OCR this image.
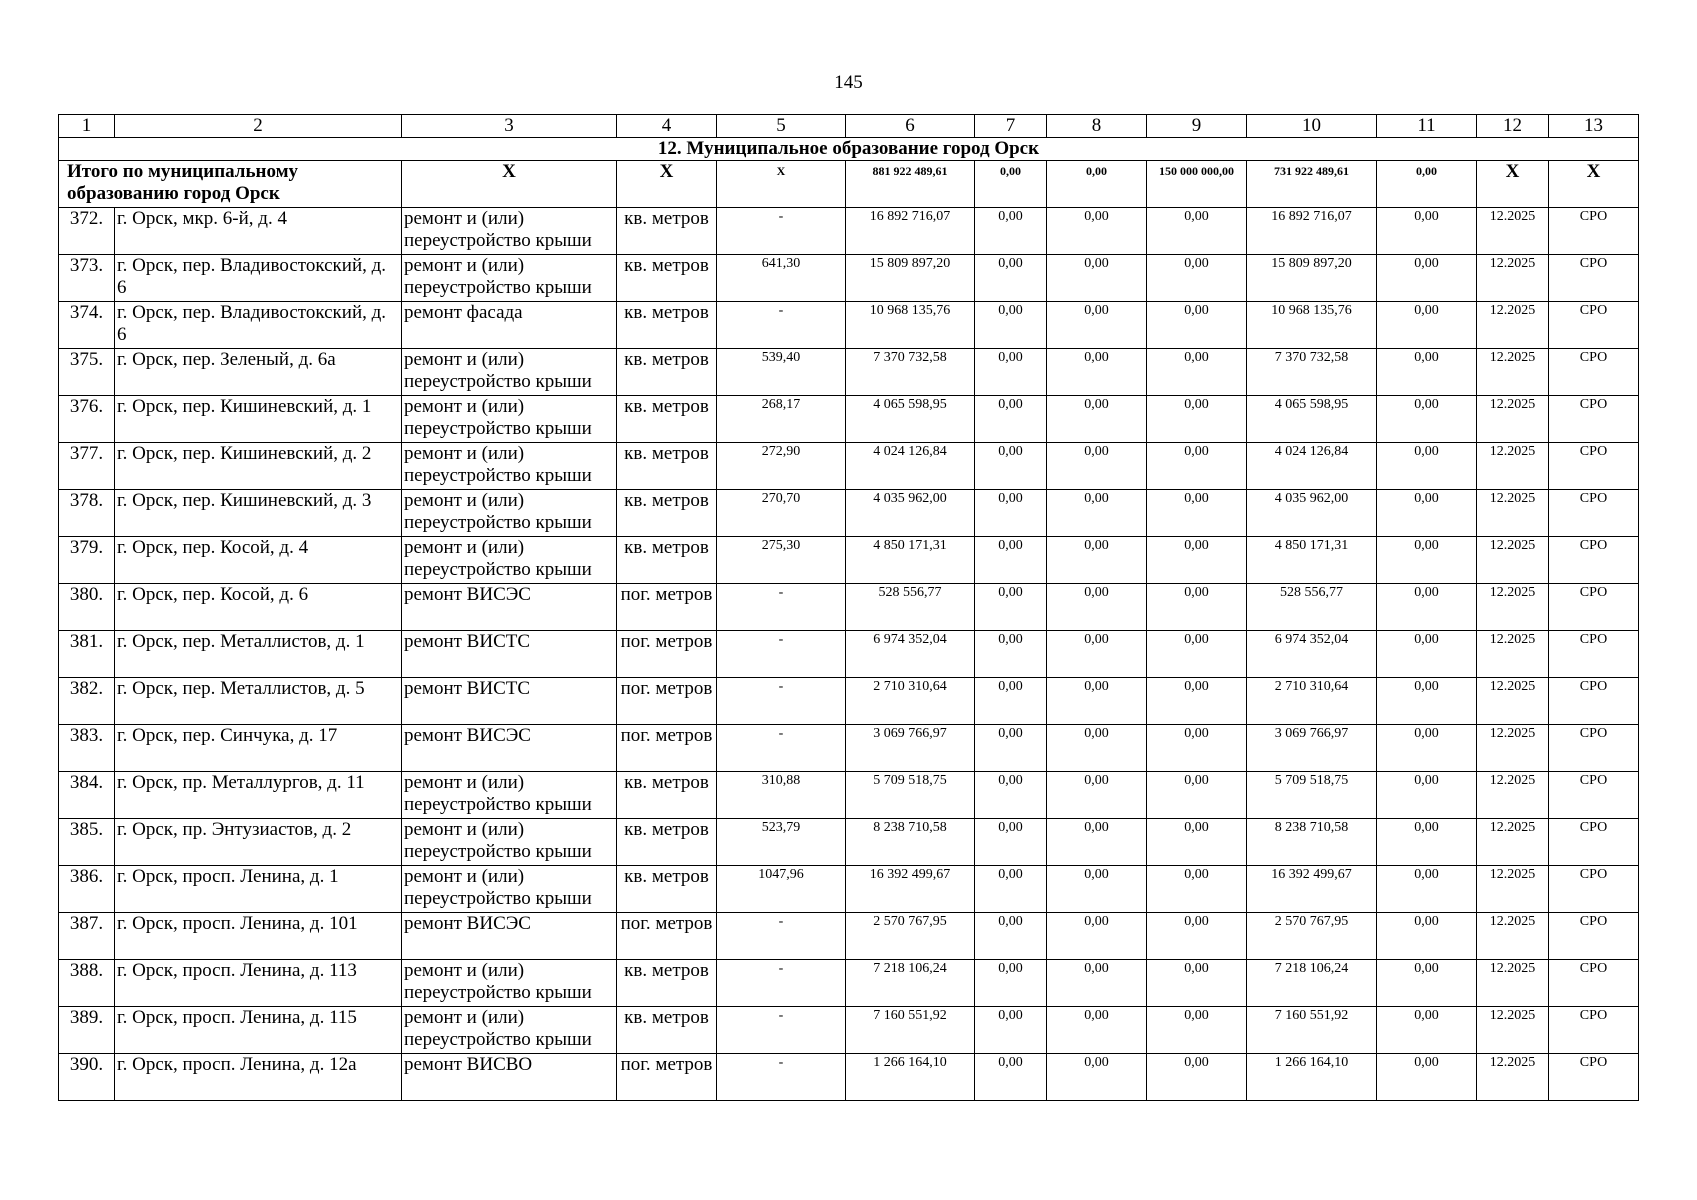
145
1	2	3	4	5	6	7	8	9	10	11	12	13
12. Муниципальное образование город Орск												
Итого по муниципальному образованию город Орск		X	X	X	881 922 489,61	0,00	0,00	150 000 000,00	731 922 489,61	0,00	X	X
372.	г. Орск, мкр. 6-й, д. 4	ремонт и (или) переустройство крыши	кв. метров	-	16 892 716,07	0,00	0,00	0,00	16 892 716,07	0,00	12.2025	СРО
373.	г. Орск, пер. Владивостокский, д. 6	ремонт и (или) переустройство крыши	кв. метров	641,30	15 809 897,20	0,00	0,00	0,00	15 809 897,20	0,00	12.2025	СРО
374.	г. Орск, пер. Владивостокский, д. 6	ремонт фасада	кв. метров	-	10 968 135,76	0,00	0,00	0,00	10 968 135,76	0,00	12.2025	СРО
375.	г. Орск, пер. Зеленый, д. 6а	ремонт и (или) переустройство крыши	кв. метров	539,40	7 370 732,58	0,00	0,00	0,00	7 370 732,58	0,00	12.2025	СРО
376.	г. Орск, пер. Кишиневский, д. 1	ремонт и (или) переустройство крыши	кв. метров	268,17	4 065 598,95	0,00	0,00	0,00	4 065 598,95	0,00	12.2025	СРО
377.	г. Орск, пер. Кишиневский, д. 2	ремонт и (или) переустройство крыши	кв. метров	272,90	4 024 126,84	0,00	0,00	0,00	4 024 126,84	0,00	12.2025	СРО
378.	г. Орск, пер. Кишиневский, д. 3	ремонт и (или) переустройство крыши	кв. метров	270,70	4 035 962,00	0,00	0,00	0,00	4 035 962,00	0,00	12.2025	СРО
379.	г. Орск, пер. Косой, д. 4	ремонт и (или) переустройство крыши	кв. метров	275,30	4 850 171,31	0,00	0,00	0,00	4 850 171,31	0,00	12.2025	СРО
380.	г. Орск, пер. Косой, д. 6	ремонт ВИСЭС	пог. метров	-	528 556,77	0,00	0,00	0,00	528 556,77	0,00	12.2025	СРО
381.	г. Орск, пер. Металлистов, д. 1	ремонт ВИСТС	пог. метров	-	6 974 352,04	0,00	0,00	0,00	6 974 352,04	0,00	12.2025	СРО
382.	г. Орск, пер. Металлистов, д. 5	ремонт ВИСТС	пог. метров	-	2 710 310,64	0,00	0,00	0,00	2 710 310,64	0,00	12.2025	СРО
383.	г. Орск, пер. Синчука, д. 17	ремонт ВИСЭС	пог. метров	-	3 069 766,97	0,00	0,00	0,00	3 069 766,97	0,00	12.2025	СРО
384.	г. Орск, пр. Металлургов, д. 11	ремонт и (или) переустройство крыши	кв. метров	310,88	5 709 518,75	0,00	0,00	0,00	5 709 518,75	0,00	12.2025	СРО
385.	г. Орск, пр. Энтузиастов, д. 2	ремонт и (или) переустройство крыши	кв. метров	523,79	8 238 710,58	0,00	0,00	0,00	8 238 710,58	0,00	12.2025	СРО
386.	г. Орск, просп. Ленина, д. 1	ремонт и (или) переустройство крыши	кв. метров	1047,96	16 392 499,67	0,00	0,00	0,00	16 392 499,67	0,00	12.2025	СРО
387.	г. Орск, просп. Ленина, д. 101	ремонт ВИСЭС	пог. метров	-	2 570 767,95	0,00	0,00	0,00	2 570 767,95	0,00	12.2025	СРО
388.	г. Орск, просп. Ленина, д. 113	ремонт и (или) переустройство крыши	кв. метров	-	7 218 106,24	0,00	0,00	0,00	7 218 106,24	0,00	12.2025	СРО
389.	г. Орск, просп. Ленина, д. 115	ремонт и (или) переустройство крыши	кв. метров	-	7 160 551,92	0,00	0,00	0,00	7 160 551,92	0,00	12.2025	СРО
390.	г. Орск, просп. Ленина, д. 12а	ремонт ВИСВО	пог. метров	-	1 266 164,10	0,00	0,00	0,00	1 266 164,10	0,00	12.2025	СРО
